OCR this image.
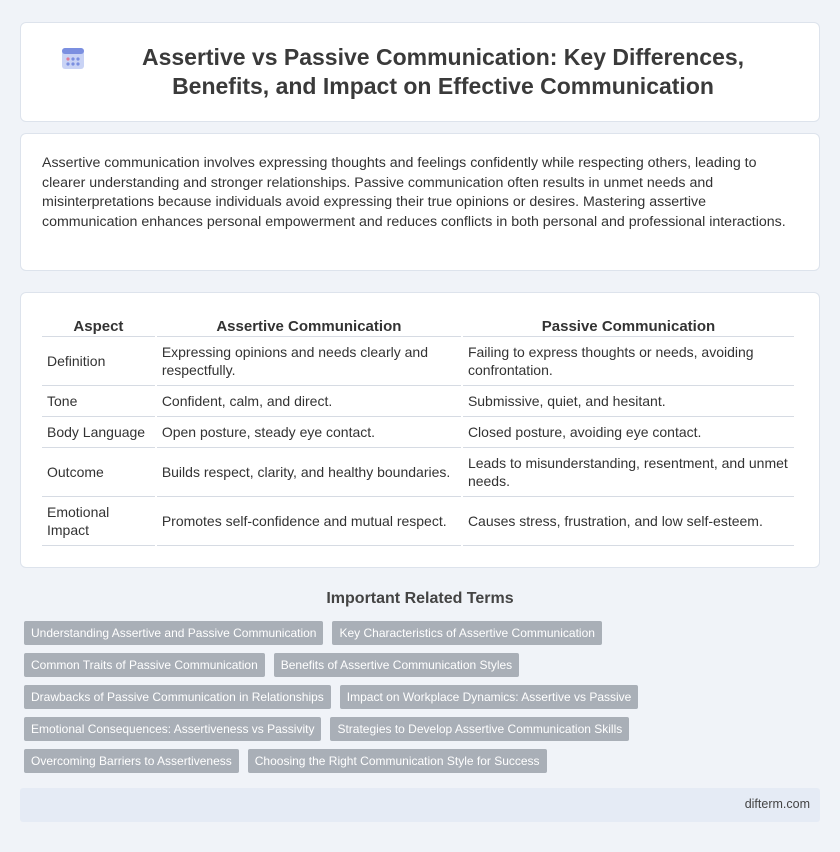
Assertive vs Passive Communication: Key Differences, Benefits, and Impact on Effective Communication

Assertive communication involves expressing thoughts and feelings confidently while respecting others, leading to clearer understanding and stronger relationships. Passive communication often results in unmet needs and misinterpretations because individuals avoid expressing their true opinions or desires. Mastering assertive communication enhances personal empowerment and reduces conflicts in both personal and professional interactions.

Aspect	Assertive Communication	Passive Communication
Definition	Expressing opinions and needs clearly and respectfully.	Failing to express thoughts or needs, avoiding confrontation.
Tone	Confident, calm, and direct.	Submissive, quiet, and hesitant.
Body Language	Open posture, steady eye contact.	Closed posture, avoiding eye contact.
Outcome	Builds respect, clarity, and healthy boundaries.	Leads to misunderstanding, resentment, and unmet needs.
Emotional Impact	Promotes self-confidence and mutual respect.	Causes stress, frustration, and low self-esteem.
Important Related Terms
Understanding Assertive and Passive Communication	Key Characteristics of Assertive Communication
Common Traits of Passive Communication	Benefits of Assertive Communication Styles
Drawbacks of Passive Communication in Relationships	Impact on Workplace Dynamics: Assertive vs Passive
Emotional Consequences: Assertiveness vs Passivity	Strategies to Develop Assertive Communication Skills
Overcoming Barriers to Assertiveness	Choosing the Right Communication Style for Success
difterm.com
